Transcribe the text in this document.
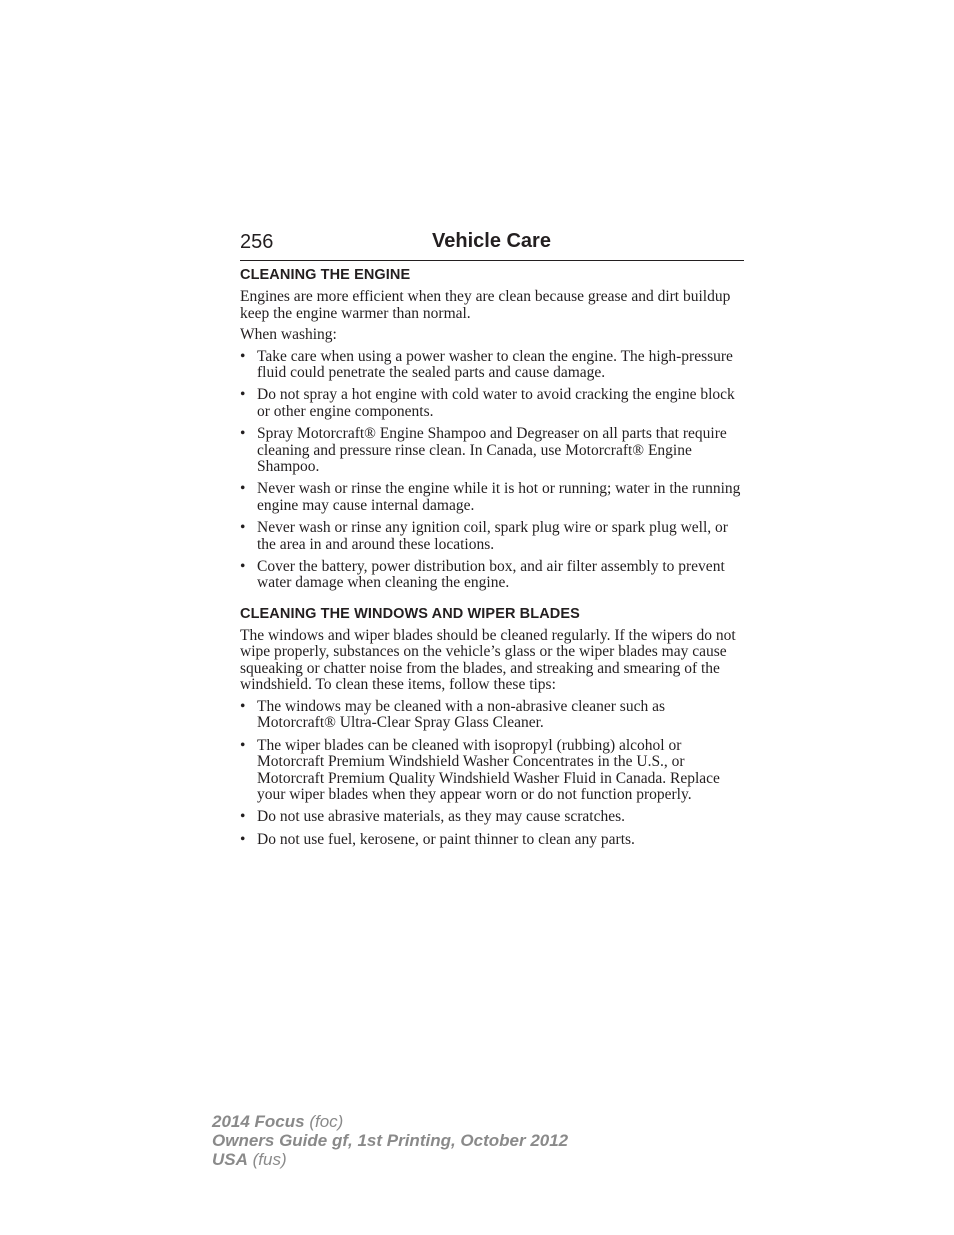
256	Vehicle Care
CLEANING THE ENGINE

Engines are more efficient when they are clean because grease and dirt buildup keep the engine warmer than normal.

When washing:

• Take care when using a power washer to clean the engine. The high-pressure fluid could penetrate the sealed parts and cause damage.
• Do not spray a hot engine with cold water to avoid cracking the engine block or other engine components.
• Spray Motorcraft® Engine Shampoo and Degreaser on all parts that require cleaning and pressure rinse clean. In Canada, use Motorcraft® Engine Shampoo.
• Never wash or rinse the engine while it is hot or running; water in the running engine may cause internal damage.
• Never wash or rinse any ignition coil, spark plug wire or spark plug well, or the area in and around these locations.
• Cover the battery, power distribution box, and air filter assembly to prevent water damage when cleaning the engine.
CLEANING THE WINDOWS AND WIPER BLADES

The windows and wiper blades should be cleaned regularly. If the wipers do not wipe properly, substances on the vehicle’s glass or the wiper blades may cause squeaking or chatter noise from the blades, and streaking and smearing of the windshield. To clean these items, follow these tips:

• The windows may be cleaned with a non-abrasive cleaner such as Motorcraft® Ultra-Clear Spray Glass Cleaner.
• The wiper blades can be cleaned with isopropyl (rubbing) alcohol or Motorcraft Premium Windshield Washer Concentrates in the U.S., or Motorcraft Premium Quality Windshield Washer Fluid in Canada. Replace your wiper blades when they appear worn or do not function properly.
• Do not use abrasive materials, as they may cause scratches.
• Do not use fuel, kerosene, or paint thinner to clean any parts.
2014 Focus (foc)
Owners Guide gf, 1st Printing, October 2012
USA (fus)
